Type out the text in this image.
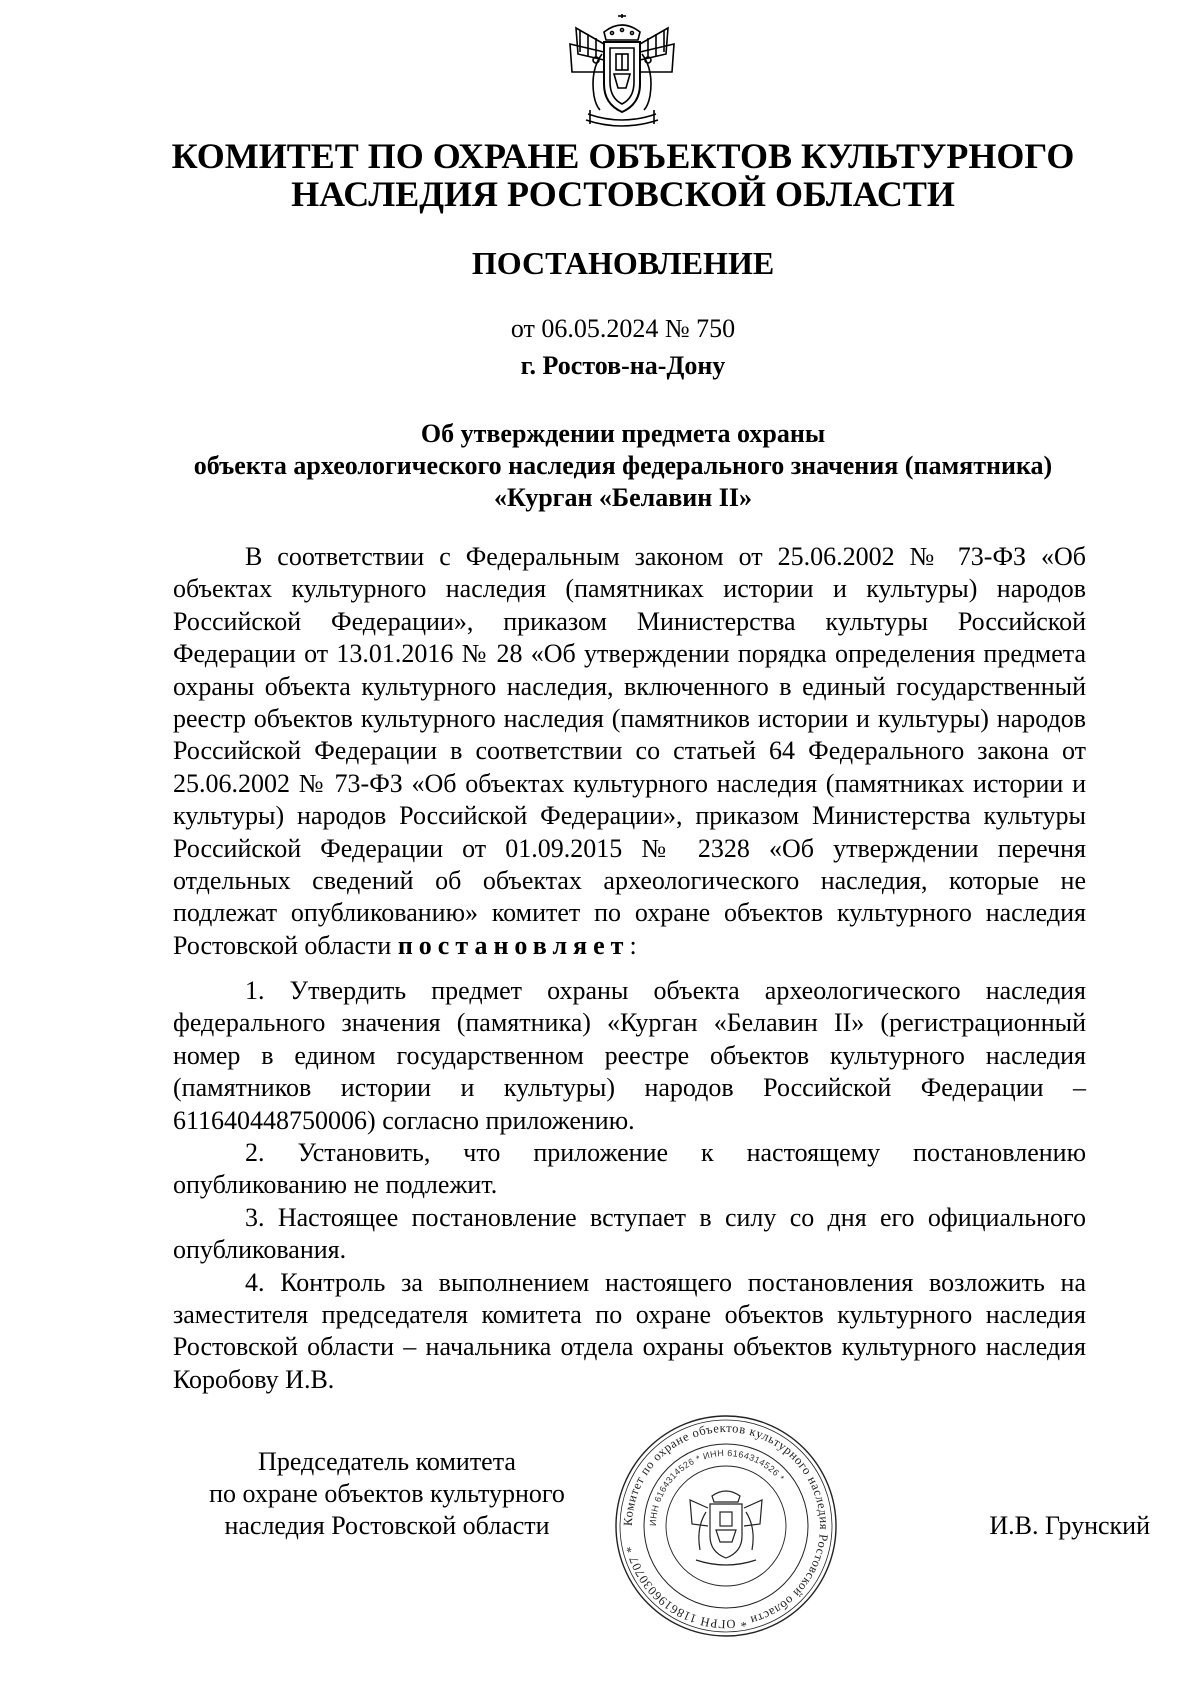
КОМИТЕТ ПО ОХРАНЕ ОБЪЕКТОВ КУЛЬТУРНОГО
НАСЛЕДИЯ РОСТОВСКОЙ ОБЛАСТИ
ПОСТАНОВЛЕНИЕ
от 06.05.2024 № 750
г. Ростов-на-Дону
Об утверждении предмета охраны
объекта археологического наследия федерального значения (памятника)
«Курган «Белавин II»

В соответствии с Федеральным законом от 25.06.2002 № 73-ФЗ «Об объектах культурного наследия (памятниках истории и культуры) народов Российской Федерации», приказом Министерства культуры Российской Федерации от 13.01.2016 № 28 «Об утверждении порядка определения предмета охраны объекта культурного наследия, включенного в единый государственный реестр объектов культурного наследия (памятников истории и культуры) народов Российской Федерации в соответствии со статьей 64 Федерального закона от 25.06.2002 № 73-ФЗ «Об объектах культурного наследия (памятниках истории и культуры) народов Российской Федерации», приказом Министерства культуры Российской Федерации от 01.09.2015 № 2328 «Об утверждении перечня отдельных сведений об объектах археологического наследия, которые не подлежат опубликованию» комитет по охране объектов культурного наследия Ростовской области постановляет:

1. Утвердить предмет охраны объекта археологического наследия федерального значения (памятника) «Курган «Белавин II» (регистрационный номер в едином государственном реестре объектов культурного наследия (памятников истории и культуры) народов Российской Федерации – 611640448750006) согласно приложению.

2. Установить, что приложение к настоящему постановлению опубликованию не подлежит.

3. Настоящее постановление вступает в силу со дня его официального опубликования.

4. Контроль за выполнением настоящего постановления возложить на заместителя председателя комитета по охране объектов культурного наследия Ростовской области – начальника отдела охраны объектов культурного наследия Коробову И.В.

Председатель комитета
по охране объектов культурного
наследия Ростовской области	Комитет по охране объектов культурного наследия Ростовской области * ОГРН 1186196030707 *
ИНН 6164314526 * ИНН 6164314526 *
И.В. Грунский
